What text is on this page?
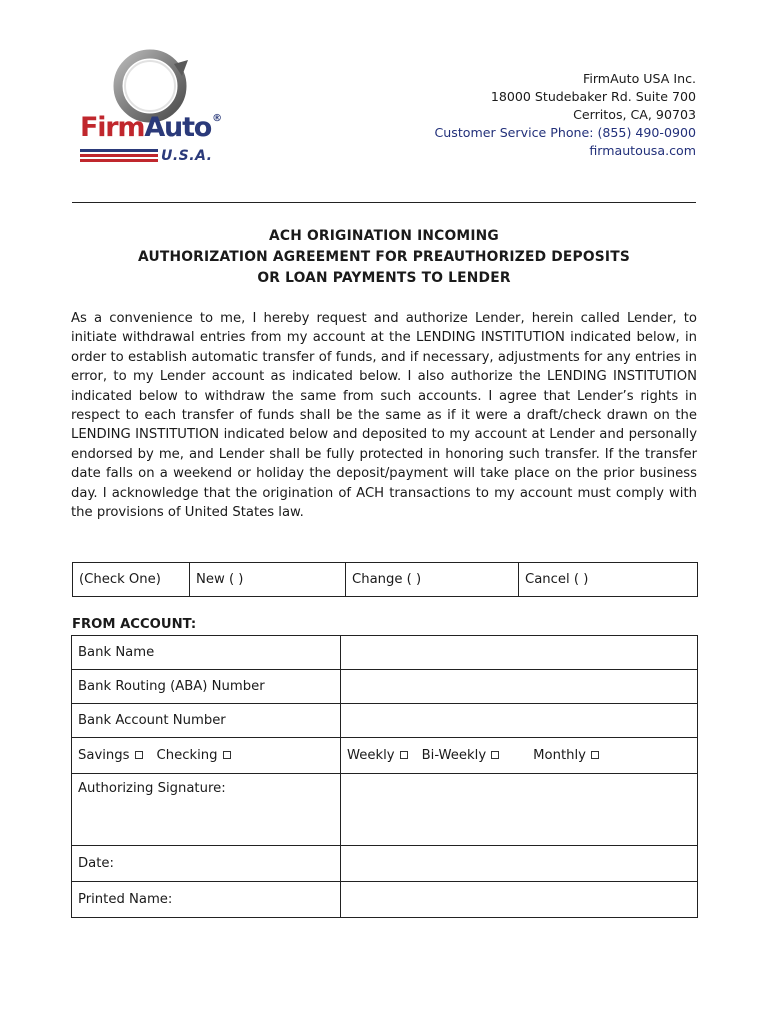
FirmAuto®
U.S.A.
FirmAuto USA Inc.
18000 Studebaker Rd. Suite 700
Cerritos, CA, 90703
Customer Service Phone: (855) 490-0900
firmautousa.com
ACH ORIGINATION INCOMING
AUTHORIZATION AGREEMENT FOR PREAUTHORIZED DEPOSITS
OR LOAN PAYMENTS TO LENDER

As a convenience to me, I hereby request and authorize Lender, herein called Lender, to initiate withdrawal entries from my account at the LENDING INSTITUTION indicated below, in order to establish automatic transfer of funds, and if necessary, adjustments for any entries in error, to my Lender account as indicated below. I also authorize the LENDING INSTITUTION indicated below to withdraw the same from such accounts. I agree that Lender’s rights in respect to each transfer of funds shall be the same as if it were a draft/check drawn on the LENDING INSTITUTION indicated below and deposited to my account at Lender and personally endorsed by me, and Lender shall be fully protected in honoring such transfer. If the transfer date falls on a weekend or holiday the deposit/payment will take place on the prior business day. I acknowledge that the origination of ACH transactions to my account must comply with the provisions of United States law.

(Check One)	New ( )	Change ( )	Cancel ( )
FROM ACCOUNT:
Bank Name	
Bank Routing (ABA) Number	
Bank Account Number	
Savings Checking	Weekly Bi-Weekly Monthly
Authorizing Signature:	
Date:	
Printed Name:	
